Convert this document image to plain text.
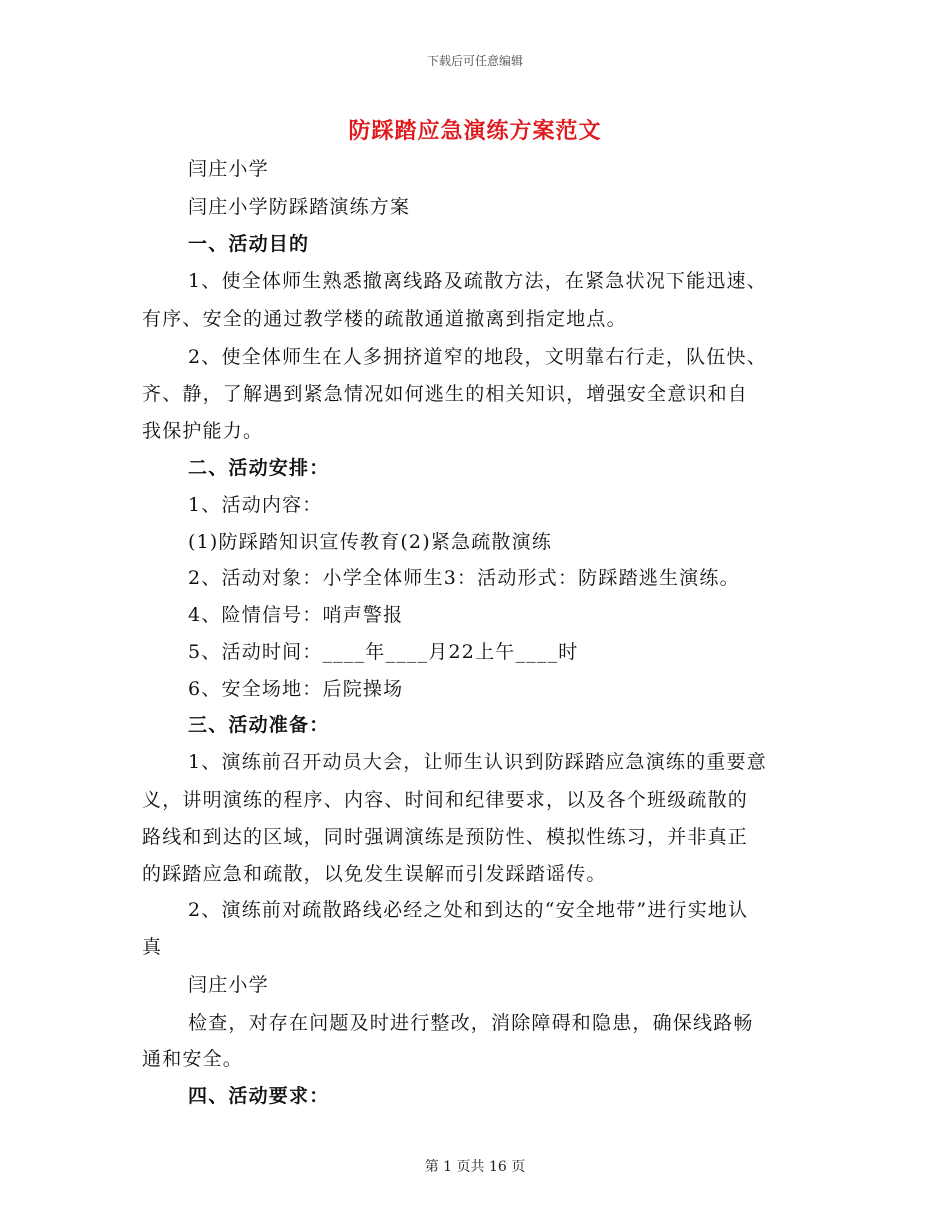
下载后可任意编辑
防踩踏应急演练方案范文
闫庄小学
闫庄小学防踩踏演练方案
一、活动目的
1、使全体师生熟悉撤离线路及疏散方法，在紧急状况下能迅速、
有序、安全的通过教学楼的疏散通道撤离到指定地点。
2、使全体师生在人多拥挤道窄的地段，文明靠右行走，队伍快、
齐、静，了解遇到紧急情况如何逃生的相关知识，增强安全意识和自
我保护能力。
二、活动安排：
1、活动内容：
(1)防踩踏知识宣传教育(2)紧急疏散演练
2、活动对象：小学全体师生3：活动形式：防踩踏逃生演练。
4、险情信号：哨声警报
5、活动时间：____年____月22上午____时
6、安全场地：后院操场
三、活动准备：
1、演练前召开动员大会，让师生认识到防踩踏应急演练的重要意
义，讲明演练的程序、内容、时间和纪律要求，以及各个班级疏散的
路线和到达的区域，同时强调演练是预防性、模拟性练习，并非真正
的踩踏应急和疏散，以免发生误解而引发踩踏谣传。
2、演练前对疏散路线必经之处和到达的“安全地带”进行实地认
真
闫庄小学
检查，对存在问题及时进行整改，消除障碍和隐患，确保线路畅
通和安全。
四、活动要求：
第 1 页共 16 页
